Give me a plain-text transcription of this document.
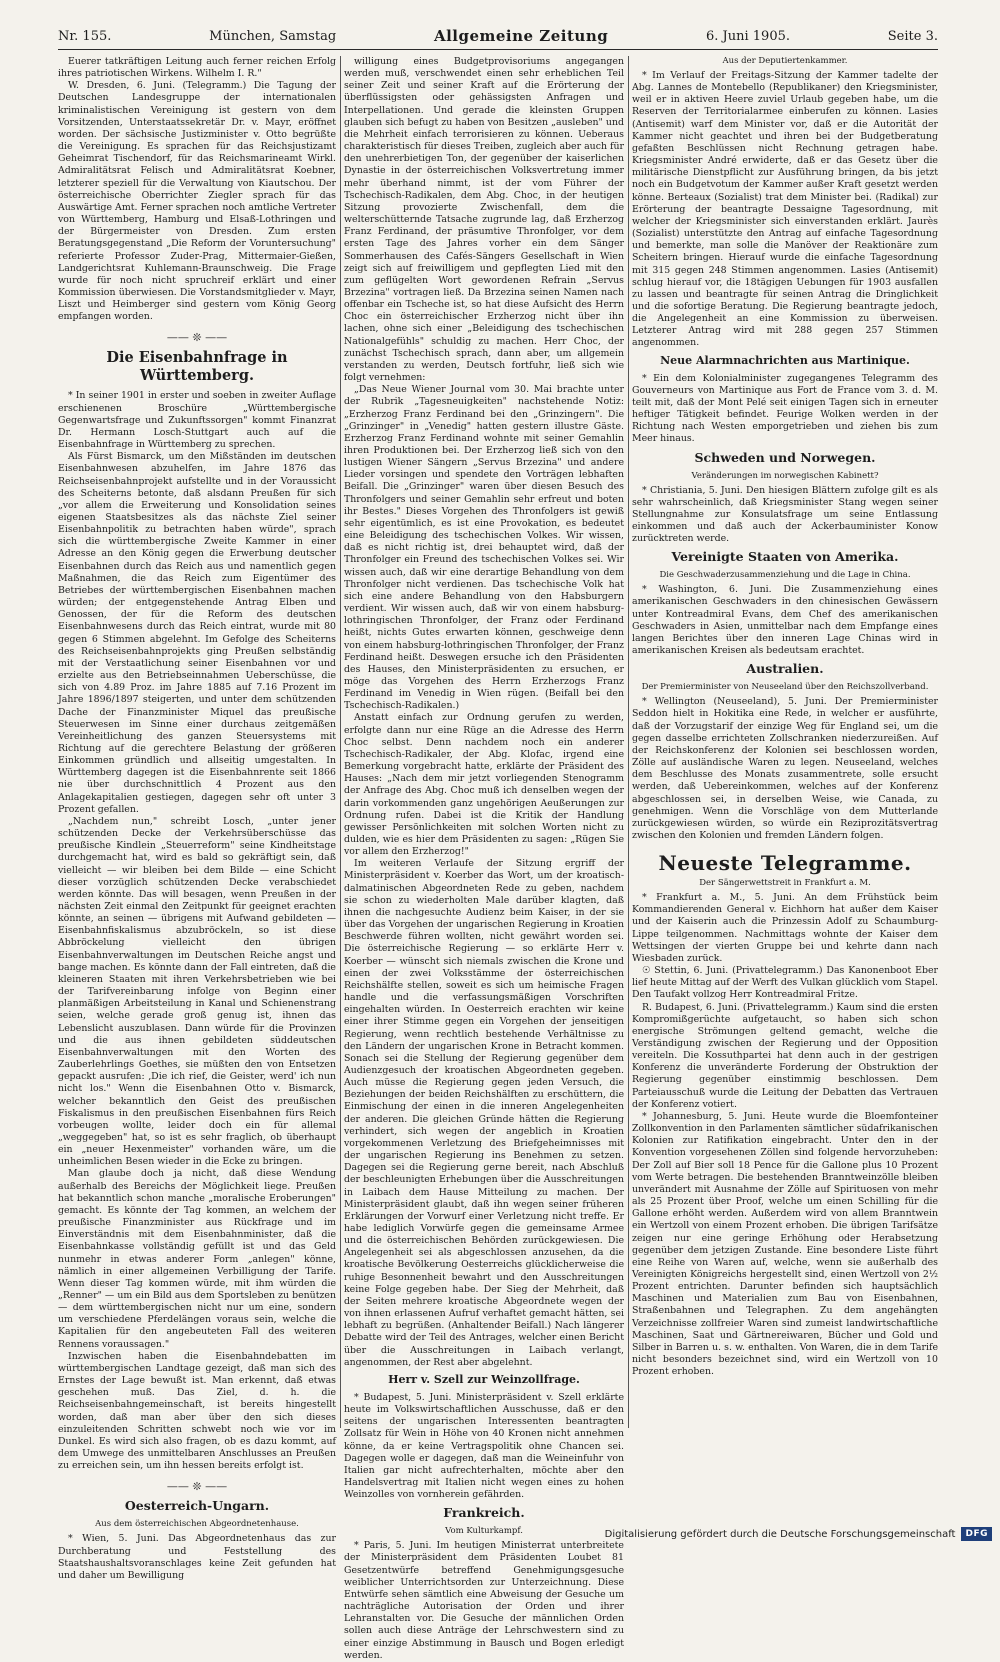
Nr. 155.	München, Samstag	Allgemeine Zeitung	6. Juni 1905.	Seite 3.

Euerer tatkräftigen Leitung auch ferner reichen Erfolg ihres patriotischen Wirkens. Wilhelm I. R."

W. Dresden, 6. Juni. (Telegramm.) Die Tagung der Deutschen Landesgruppe der internationalen kriminalistischen Vereinigung ist gestern von dem Vorsitzenden, Unterstaatssekretär Dr. v. Mayr, eröffnet worden. Der sächsische Justizminister v. Otto begrüßte die Vereinigung. Es sprachen für das Reichsjustizamt Geheimrat Tischendorf, für das Reichsmarineamt Wirkl. Admiralitätsrat Felisch und Admiralitätsrat Koebner, letzterer speziell für die Verwaltung von Kiautschou. Der österreichische Oberrichter Ziegler sprach für das Auswärtige Amt. Ferner sprachen noch amtliche Vertreter von Württemberg, Hamburg und Elsaß-Lothringen und der Bürgermeister von Dresden. Zum ersten Beratungsgegenstand „Die Reform der Voruntersuchung" referierte Professor Zuder-Prag, Mittermaier-Gießen, Landgerichtsrat Kuhlemann-Braunschweig. Die Frage wurde für noch nicht spruchreif erklärt und einer Kommission überwiesen. Die Vorstandsmitglieder v. Mayr, Liszt und Heimberger sind gestern vom König Georg empfangen worden.

—— ❊ ——
Die Eisenbahnfrage in Württemberg.

* In seiner 1901 in erster und soeben in zweiter Auflage erschienenen Broschüre „Württembergische Gegenwartsfrage und Zukunftssorgen" kommt Finanzrat Dr. Hermann Losch-Stuttgart auch auf die Eisenbahnfrage in Württemberg zu sprechen.

Als Fürst Bismarck, um den Mißständen im deutschen Eisenbahnwesen abzuhelfen, im Jahre 1876 das Reichseisenbahnprojekt aufstellte und in der Voraussicht des Scheiterns betonte, daß alsdann Preußen für sich „vor allem die Erweiterung und Konsolidation seines eigenen Staatsbesitzes als das nächste Ziel seiner Eisenbahnpolitik zu betrachten haben würde", sprach sich die württembergische Zweite Kammer in einer Adresse an den König gegen die Erwerbung deutscher Eisenbahnen durch das Reich aus und namentlich gegen Maßnahmen, die das Reich zum Eigentümer des Betriebes der württembergischen Eisenbahnen machen würden; der entgegenstehende Antrag Elben und Genossen, der für die Reform des deutschen Eisenbahnwesens durch das Reich eintrat, wurde mit 80 gegen 6 Stimmen abgelehnt. Im Gefolge des Scheiterns des Reichseisenbahnprojekts ging Preußen selbständig mit der Verstaatlichung seiner Eisenbahnen vor und erzielte aus den Betriebseinnahmen Ueberschüsse, die sich von 4.89 Proz. im Jahre 1885 auf 7.16 Prozent im Jahre 1896/1897 steigerten, und unter dem schützenden Dache der Finanzminister Miquel das preußische Steuerwesen im Sinne einer durchaus zeitgemäßen Vereinheitlichung des ganzen Steuersystems mit Richtung auf die gerechtere Belastung der größeren Einkommen gründlich und allseitig umgestalten. In Württemberg dagegen ist die Eisenbahnrente seit 1866 nie über durchschnittlich 4 Prozent aus den Anlagekapitalien gestiegen, dagegen sehr oft unter 3 Prozent gefallen.

„Nachdem nun," schreibt Losch, „unter jener schützenden Decke der Verkehrsüberschüsse das preußische Kindlein „Steuerreform" seine Kindheitstage durchgemacht hat, wird es bald so gekräftigt sein, daß vielleicht — wir bleiben bei dem Bilde — eine Schicht dieser vorzüglich schützenden Decke verabschiedet werden könnte. Das will besagen, wenn Preußen in der nächsten Zeit einmal den Zeitpunkt für geeignet erachten könnte, an seinen — übrigens mit Aufwand gebildeten — Eisenbahnfiskalismus abzubröckeln, so ist diese Abbröckelung vielleicht den übrigen Eisenbahnverwaltungen im Deutschen Reiche angst und bange machen. Es könnte dann der Fall eintreten, daß die kleineren Staaten mit ihren Verkehrsbetrieben wie bei der Tarifvereinbarung infolge von Beginn einer planmäßigen Arbeitsteilung in Kanal und Schienenstrang seien, welche gerade groß genug ist, ihnen das Lebenslicht auszublasen. Dann würde für die Provinzen und die aus ihnen gebildeten süddeutschen Eisenbahnverwaltungen mit den Worten des Zauberlehrlings Goethes, sie müßten den von Entsetzen gepackt ausrufen: ‚Die ich rief, die Geister, werd' ich nun nicht los." Wenn die Eisenbahnen Otto v. Bismarck, welcher bekanntlich den Geist des preußischen Fiskalismus in den preußischen Eisenbahnen fürs Reich vorbeugen wollte, leider doch ein für allemal „weggegeben" hat, so ist es sehr fraglich, ob überhaupt ein „neuer Hexenmeister" vorhanden wäre, um die unheimlichen Besen wieder in die Ecke zu bringen.

Man glaube doch ja nicht, daß diese Wendung außerhalb des Bereichs der Möglichkeit liege. Preußen hat bekanntlich schon manche „moralische Eroberungen" gemacht. Es könnte der Tag kommen, an welchem der preußische Finanzminister aus Rückfrage und im Einverständnis mit dem Eisenbahnminister, daß die Eisenbahnkasse vollständig gefüllt ist und das Geld nunmehr in etwas anderer Form „anlegen" könne, nämlich in einer allgemeinen Verbilligung der Tarife. Wenn dieser Tag kommen würde, mit ihm würden die „Renner" — um ein Bild aus dem Sportsleben zu benützen — dem württembergischen nicht nur um eine, sondern um verschiedene Pferdelängen voraus sein, welche die Kapitalien für den angebeuteten Fall des weiteren Rennens voraussagen."

Inzwischen haben die Eisenbahndebatten im württembergischen Landtage gezeigt, daß man sich des Ernstes der Lage bewußt ist. Man erkennt, daß etwas geschehen muß. Das Ziel, d. h. die Reichseisenbahngemeinschaft, ist bereits hingestellt worden, daß man aber über den sich dieses einzuleitenden Schritten schwebt noch wie vor im Dunkel. Es wird sich also fragen, ob es dazu kommt, auf dem Umwege des unmittelbaren Anschlusses an Preußen zu erreichen sein, um ihn hessen bereits erfolgt ist.

—— ❊ ——
Oesterreich-Ungarn.
Aus dem österreichischen Abgeordnetenhause.

* Wien, 5. Juni. Das Abgeordnetenhaus das zur Durchberatung und Feststellung des Staatshaushaltsvoranschlages keine Zeit gefunden hat und daher um Bewilligung

willigung eines Budgetprovisoriums angegangen werden muß, verschwendet einen sehr erheblichen Teil seiner Zeit und seiner Kraft auf die Erörterung der überflüssigsten oder gehässigsten Anfragen und Interpellationen. Und gerade die kleinsten Gruppen glauben sich befugt zu haben von Besitzen „ausleben" und die Mehrheit einfach terrorisieren zu können. Ueberaus charakteristisch für dieses Treiben, zugleich aber auch für den unehrerbietigen Ton, der gegenüber der kaiserlichen Dynastie in der österreichischen Volksvertretung immer mehr überhand nimmt, ist der vom Führer der Tschechisch-Radikalen, dem Abg. Choc, in der heutigen Sitzung provozierte Zwischenfall, dem die welterschütternde Tatsache zugrunde lag, daß Erzherzog Franz Ferdinand, der präsumtive Thronfolger, vor dem ersten Tage des Jahres vorher ein dem Sänger Sommerhausen des Cafés-Sängers Gesellschaft in Wien zeigt sich auf freiwilligem und gepflegten Lied mit den zum geflügelten Wort gewordenen Refrain „Servus Brzezina" vortragen ließ. Da Brzezina seinen Namen nach offenbar ein Tscheche ist, so hat diese Aufsicht des Herrn Choc ein österreichischer Erzherzog nicht über ihn lachen, ohne sich einer „Beleidigung des tschechischen Nationalgefühls" schuldig zu machen. Herr Choc, der zunächst Tschechisch sprach, dann aber, um allgemein verstanden zu werden, Deutsch fortfuhr, ließ sich wie folgt vernehmen:

„Das Neue Wiener Journal vom 30. Mai brachte unter der Rubrik „Tagesneuigkeiten" nachstehende Notiz: „Erzherzog Franz Ferdinand bei den „Grinzingern". Die „Grinzinger" in „Venedig" hatten gestern illustre Gäste. Erzherzog Franz Ferdinand wohnte mit seiner Gemahlin ihren Produktionen bei. Der Erzherzog ließ sich von den lustigen Wiener Sängern „Servus Brzezina" und andere Lieder vorsingen und spendete den Vorträgen lebhaften Beifall. Die „Grinzinger" waren über diesen Besuch des Thronfolgers und seiner Gemahlin sehr erfreut und boten ihr Bestes." Dieses Vorgehen des Thronfolgers ist gewiß sehr eigentümlich, es ist eine Provokation, es bedeutet eine Beleidigung des tschechischen Volkes. Wir wissen, daß es nicht richtig ist, drei behauptet wird, daß der Thronfolger ein Freund des tschechischen Volkes sei. Wir wissen auch, daß wir eine derartige Behandlung von dem Thronfolger nicht verdienen. Das tschechische Volk hat sich eine andere Behandlung von den Habsburgern verdient. Wir wissen auch, daß wir von einem habsburg-lothringischen Thronfolger, der Franz oder Ferdinand heißt, nichts Gutes erwarten können, geschweige denn von einem habsburg-lothringischen Thronfolger, der Franz Ferdinand heißt. Deswegen ersuche ich den Präsidenten des Hauses, den Ministerpräsidenten zu ersuchen, er möge das Vorgehen des Herrn Erzherzogs Franz Ferdinand im Venedig in Wien rügen. (Beifall bei den Tschechisch-Radikalen.)

Anstatt einfach zur Ordnung gerufen zu werden, erfolgte dann nur eine Rüge an die Adresse des Herrn Choc selbst. Denn nachdem noch ein anderer Tschechisch-Radikaler, der Abg. Klofac, irgend eine Bemerkung vorgebracht hatte, erklärte der Präsident des Hauses: „Nach dem mir jetzt vorliegenden Stenogramm der Anfrage des Abg. Choc muß ich denselben wegen der darin vorkommenden ganz ungehörigen Aeußerungen zur Ordnung rufen. Dabei ist die Kritik der Handlung gewisser Persönlichkeiten mit solchen Worten nicht zu dulden, wie es hier dem Präsidenten zu sagen: „Rügen Sie vor allem den Erzherzog!"

Im weiteren Verlaufe der Sitzung ergriff der Ministerpräsident v. Koerber das Wort, um der kroatisch-dalmatinischen Abgeordneten Rede zu geben, nachdem sie schon zu wiederholten Male darüber klagten, daß ihnen die nachgesuchte Audienz beim Kaiser, in der sie über das Vorgehen der ungarischen Regierung in Kroatien Beschwerde führen wollten, nicht gewährt worden sei. Die österreichische Regierung — so erklärte Herr v. Koerber — wünscht sich niemals zwischen die Krone und einen der zwei Volksstämme der österreichischen Reichshälfte stellen, soweit es sich um heimische Fragen handle und die verfassungsmäßigen Vorschriften eingehalten würden. In Oesterreich erachten wir keine einer ihrer Stimme gegen ein Vorgehen der jenseitigen Regierung, wenn rechtlich bestehende Verhältnisse zu den Ländern der ungarischen Krone in Betracht kommen. Sonach sei die Stellung der Regierung gegenüber dem Audienzgesuch der kroatischen Abgeordneten gegeben. Auch müsse die Regierung gegen jeden Versuch, die Beziehungen der beiden Reichshälften zu erschüttern, die Einmischung der einen in die inneren Angelegenheiten der anderen. Die gleichen Gründe hätten die Regierung verhindert, sich wegen der angeblich in Kroatien vorgekommenen Verletzung des Briefgeheimnisses mit der ungarischen Regierung ins Benehmen zu setzen. Dagegen sei die Regierung gerne bereit, nach Abschluß der beschleunigten Erhebungen über die Ausschreitungen in Laibach dem Hause Mitteilung zu machen. Der Ministerpräsident glaubt, daß ihn wegen seiner früheren Erklärungen der Vorwurf einer Verletzung nicht treffe. Er habe lediglich Vorwürfe gegen die gemeinsame Armee und die österreichischen Behörden zurückgewiesen. Die Angelegenheit sei als abgeschlossen anzusehen, da die kroatische Bevölkerung Oesterreichs glücklicherweise die ruhige Besonnenheit bewahrt und den Ausschreitungen keine Folge gegeben habe. Der Sieg der Mehrheit, daß der Seiten mehrere kroatische Abgeordnete wegen der von ihnen erlassenen Aufruf verhaftet gemacht hätten, sei lebhaft zu begrüßen. (Anhaltender Beifall.) Nach längerer Debatte wird der Teil des Antrages, welcher einen Bericht über die Ausschreitungen in Laibach verlangt, angenommen, der Rest aber abgelehnt.

Herr v. Szell zur Weinzollfrage.

* Budapest, 5. Juni. Ministerpräsident v. Szell erklärte heute im Volkswirtschaftlichen Ausschusse, daß er den seitens der ungarischen Interessenten beantragten Zollsatz für Wein in Höhe von 40 Kronen nicht annehmen könne, da er keine Vertragspolitik ohne Chancen sei. Dagegen wolle er dagegen, daß man die Weineinfuhr von Italien gar nicht aufrechterhalten, möchte aber den Handelsvertrag mit Italien nicht wegen eines zu hohen Weinzolles von vornherein gefährden.

Frankreich.
Vom Kulturkampf.

* Paris, 5. Juni. Im heutigen Ministerrat unterbreitete der Ministerpräsident dem Präsidenten Loubet 81 Gesetzentwürfe betreffend Genehmigungsgesuche weiblicher Unterrichtsorden zur Unterzeichnung. Diese Entwürfe sehen sämtlich eine Abweisung der Gesuche um nachträgliche Autorisation der Orden und ihrer Lehranstalten vor. Die Gesuche der männlichen Orden sollen auch diese Anträge der Lehrschwestern sind zu einer einzige Abstimmung in Bausch und Bogen erledigt werden.

Aus der Deputiertenkammer.

* Im Verlauf der Freitags-Sitzung der Kammer tadelte der Abg. Lannes de Montebello (Republikaner) den Kriegsminister, weil er in aktiven Heere zuviel Urlaub gegeben habe, um die Reserven der Territorialarmee einberufen zu können. Lasies (Antisemit) warf dem Minister vor, daß er die Autorität der Kammer nicht geachtet und ihren bei der Budgetberatung gefaßten Beschlüssen nicht Rechnung getragen habe. Kriegsminister André erwiderte, daß er das Gesetz über die militärische Dienstpflicht zur Ausführung bringen, da bis jetzt noch ein Budgetvotum der Kammer außer Kraft gesetzt werden könne. Berteaux (Sozialist) trat dem Minister bei. (Radikal) zur Erörterung der beantragte Dessaigne Tagesordnung, mit welcher der Kriegsminister sich einverstanden erklärt. Jaurès (Sozialist) unterstützte den Antrag auf einfache Tagesordnung und bemerkte, man solle die Manöver der Reaktionäre zum Scheitern bringen. Hierauf wurde die einfache Tagesordnung mit 315 gegen 248 Stimmen angenommen. Lasies (Antisemit) schlug hierauf vor, die 18tägigen Uebungen für 1903 ausfallen zu lassen und beantragte für seinen Antrag die Dringlichkeit und die sofortige Beratung. Die Regierung beantragte jedoch, die Angelegenheit an eine Kommission zu überweisen. Letzterer Antrag wird mit 288 gegen 257 Stimmen angenommen.

Neue Alarmnachrichten aus Martinique.

* Ein dem Kolonialminister zugegangenes Telegramm des Gouverneurs von Martinique aus Fort de France vom 3. d. M. teilt mit, daß der Mont Pelé seit einigen Tagen sich in erneuter heftiger Tätigkeit befindet. Feurige Wolken werden in der Richtung nach Westen emporgetrieben und ziehen bis zum Meer hinaus.

Schweden und Norwegen.
Veränderungen im norwegischen Kabinett?

* Christiania, 5. Juni. Den hiesigen Blättern zufolge gilt es als sehr wahrscheinlich, daß Kriegsminister Stang wegen seiner Stellungnahme zur Konsulatsfrage um seine Entlassung einkommen und daß auch der Ackerbauminister Konow zurücktreten werde.

Vereinigte Staaten von Amerika.
Die Geschwaderzusammenziehung und die Lage in China.

* Washington, 6. Juni. Die Zusammenziehung eines amerikanischen Geschwaders in den chinesischen Gewässern unter Kontreadmiral Evans, dem Chef des amerikanischen Geschwaders in Asien, unmittelbar nach dem Empfange eines langen Berichtes über den inneren Lage Chinas wird in amerikanischen Kreisen als bedeutsam erachtet.

Australien.
Der Premierminister von Neuseeland über den Reichszollverband.

* Wellington (Neuseeland), 5. Juni. Der Premierminister Seddon hielt in Hokitika eine Rede, in welcher er ausführte, daß der Vorzugstarif der einzige Weg für England sei, um die gegen dasselbe errichteten Zollschranken niederzureißen. Auf der Reichskonferenz der Kolonien sei beschlossen worden, Zölle auf ausländische Waren zu legen. Neuseeland, welches dem Beschlusse des Monats zusammentrete, solle ersucht werden, daß Uebereinkommen, welches auf der Konferenz abgeschlossen sei, in derselben Weise, wie Canada, zu genehmigen. Wenn die Vorschläge von dem Mutterlande zurückgewiesen würden, so würde ein Reziprozitätsvertrag zwischen den Kolonien und fremden Ländern folgen.

Neueste Telegramme.
Der Sängerwettstreit in Frankfurt a. M.

* Frankfurt a. M., 5. Juni. An dem Frühstück beim Kommandierenden General v. Eichhorn hat außer dem Kaiser und der Kaiserin auch die Prinzessin Adolf zu Schaumburg-Lippe teilgenommen. Nachmittags wohnte der Kaiser dem Wettsingen der vierten Gruppe bei und kehrte dann nach Wiesbaden zurück.

☉ Stettin, 6. Juni. (Privattelegramm.) Das Kanonenboot Eber lief heute Mittag auf der Werft des Vulkan glücklich vom Stapel. Den Taufakt vollzog Herr Kontreadmiral Fritze.

R. Budapest, 6. Juni. (Privattelegramm.) Kaum sind die ersten Kompromißgerüchte aufgetaucht, so haben sich schon energische Strömungen geltend gemacht, welche die Verständigung zwischen der Regierung und der Opposition vereiteln. Die Kossuthpartei hat denn auch in der gestrigen Konferenz die unveränderte Forderung der Obstruktion der Regierung gegenüber einstimmig beschlossen. Dem Parteiausschuß wurde die Leitung der Debatten das Vertrauen der Konferenz votiert.

* Johannesburg, 5. Juni. Heute wurde die Bloemfonteiner Zollkonvention in den Parlamenten sämtlicher südafrikanischen Kolonien zur Ratifikation eingebracht. Unter den in der Konvention vorgesehenen Zöllen sind folgende hervorzuheben: Der Zoll auf Bier soll 18 Pence für die Gallone plus 10 Prozent vom Werte betragen. Die bestehenden Branntweinzölle bleiben unverändert mit Ausnahme der Zölle auf Spirituosen von mehr als 25 Prozent über Proof, welche um einen Schilling für die Gallone erhöht werden. Außerdem wird von allem Branntwein ein Wertzoll von einem Prozent erhoben. Die übrigen Tarifsätze zeigen nur eine geringe Erhöhung oder Herabsetzung gegenüber dem jetzigen Zustande. Eine besondere Liste führt eine Reihe von Waren auf, welche, wenn sie außerhalb des Vereinigten Königreichs hergestellt sind, einen Wertzoll von 2½ Prozent entrichten. Darunter befinden sich hauptsächlich Maschinen und Materialien zum Bau von Eisenbahnen, Straßenbahnen und Telegraphen. Zu dem angehängten Verzeichnisse zollfreier Waren sind zumeist landwirtschaftliche Maschinen, Saat und Gärtnereiwaren, Bücher und Gold und Silber in Barren u. s. w. enthalten. Von Waren, die in dem Tarife nicht besonders bezeichnet sind, wird ein Wertzoll von 10 Prozent erhoben.

Digitalisierung gefördert durch die Deutsche Forschungsgemeinschaft	DFG
